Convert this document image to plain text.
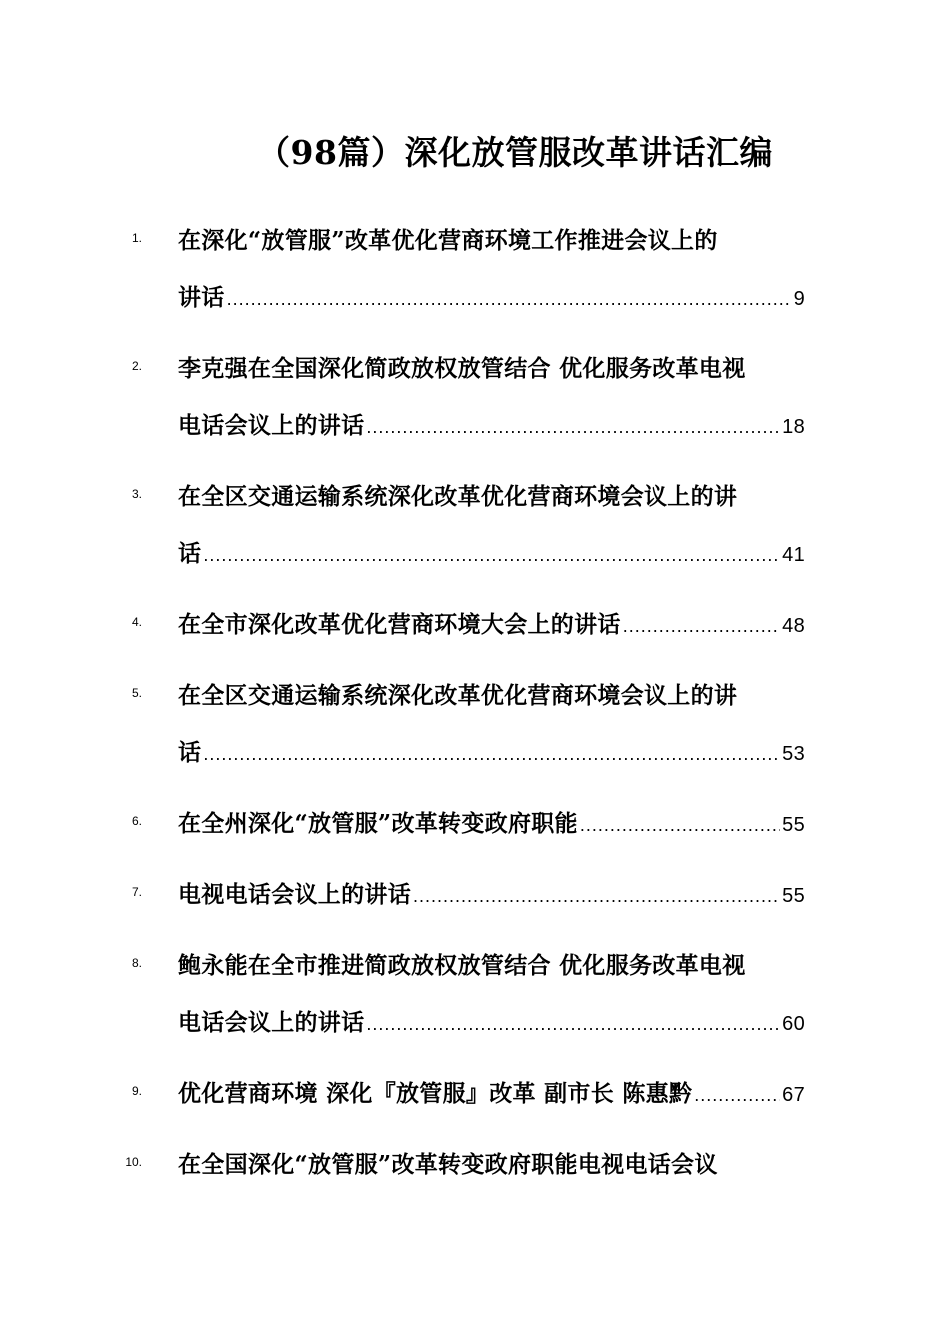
（98篇）深化放管服改革讲话汇编
1. 在深化“放管服”改革优化营商环境工作推进会议上的
讲话 .....	9
2. 李克强在全国深化简政放权放管结合 优化服务改革电视
电话会议上的讲话 .....	18
3. 在全区交通运输系统深化改革优化营商环境会议上的讲
话 .....	41
4. 在全市深化改革优化营商环境大会上的讲话 .....	48
5. 在全区交通运输系统深化改革优化营商环境会议上的讲
话 .....	53
6. 在全州深化“放管服”改革转变政府职能 .....	55
7. 电视电话会议上的讲话 .....	55
8. 鲍永能在全市推进简政放权放管结合 优化服务改革电视
电话会议上的讲话 .....	60
9. 优化营商环境 深化『放管服』改革 副市长 陈惠黔 .....	67
10. 在全国深化“放管服”改革转变政府职能电视电话会议
